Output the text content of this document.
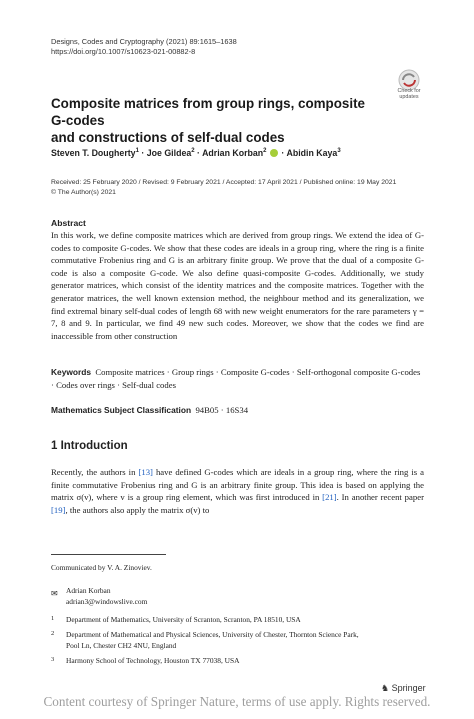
Designs, Codes and Cryptography (2021) 89:1615–1638
https://doi.org/10.1007/s10623-021-00882-8
Check for
updates
Composite matrices from group rings, composite G-codes
and constructions of self-dual codes
Steven T. Dougherty$^1$ · Joe Gildea$^2$ · Adrian Korban$^2$  · Abidin Kaya$^3$
Received: 25 February 2020 / Revised: 9 February 2021 / Accepted: 17 April 2021 / Published online: 19 May 2021
© The Author(s) 2021
Abstract
In this work, we define composite matrices which are derived from group rings. We extend the idea of G-codes to composite G-codes. We show that these codes are ideals in a group ring, where the ring is a finite commutative Frobenius ring and G is an arbitrary finite group. We prove that the dual of a composite G-code is also a composite G-code. We also define quasi-composite G-codes. Additionally, we study generator matrices, which consist of the identity matrices and the composite matrices. Together with the generator matrices, the well known extension method, the neighbour method and its generalization, we find extremal binary self-dual codes of length 68 with new weight enumerators for the rare parameters γ = 7, 8 and 9. In particular, we find 49 new such codes. Moreover, we show that the codes we find are inaccessible from other construction
Keywords Composite matrices · Group rings · Composite G-codes · Self-orthogonal composite G-codes · Codes over rings · Self-dual codes
Mathematics Subject Classification 94B05 · 16S34
1 Introduction
Recently, the authors in [13] have defined G-codes which are ideals in a group ring, where the ring is a finite commutative Frobenius ring and G is an arbitrary finite group. This idea is based on applying the matrix σ(v), where v is a group ring element, which was first introduced in [21]. In another recent paper [19], the authors also apply the matrix σ(v) to
Communicated by V. A. Zinoviev.
✉ Adrian Korban
adrian3@windowslive.com
1 Department of Mathematics, University of Scranton, Scranton, PA 18510, USA
2 Department of Mathematical and Physical Sciences, University of Chester, Thornton Science Park,
Pool Ln, Chester CH2 4NU, England
3 Harmony School of Technology, Houston TX 77038, USA
♞ Springer
Content courtesy of Springer Nature, terms of use apply. Rights reserved.
